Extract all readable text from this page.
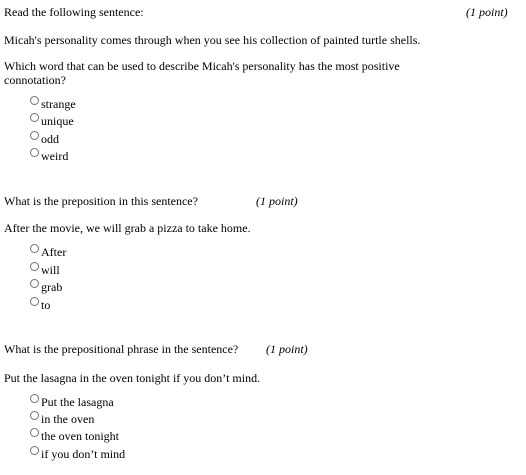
Read the following sentence:	(1 point)
Micah's personality comes through when you see his collection of painted turtle shells.
Which word that can be used to describe Micah's personality has the most positive connotation?
strange
unique
odd
weird
What is the preposition in this sentence?	(1 point)
After the movie, we will grab a pizza to take home.
After
will
grab
to
What is the prepositional phrase in the sentence? (1 point)
Put the lasagna in the oven tonight if you don’t mind.
Put the lasagna
in the oven
the oven tonight
if you don’t mind
